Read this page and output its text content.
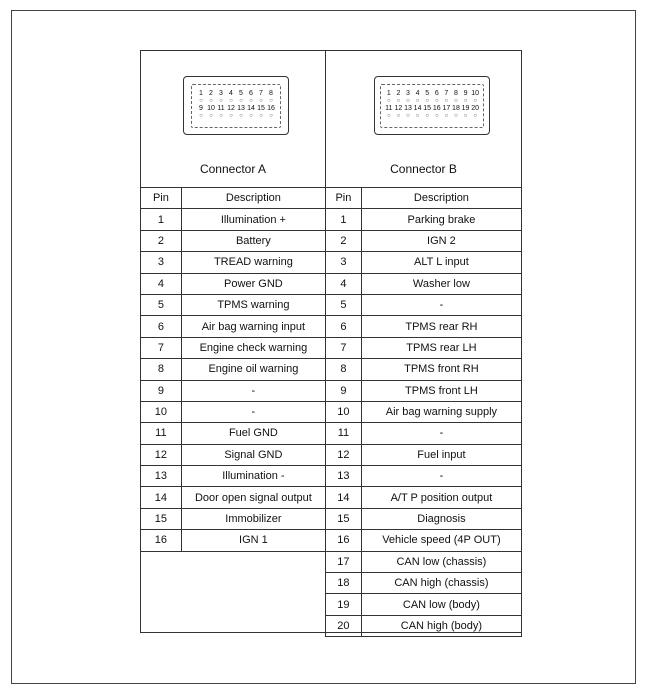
1 2 3 4 5 6 7 8
○ ○ ○ ○ ○ ○ ○ ○
9 10 11 12 13 14 15 16
○ ○ ○ ○ ○ ○ ○ ○
Connector A
1 2 3 4 5 6 7 8 9 10
○ ○ ○ ○ ○ ○ ○ ○ ○ ○
11 12 13 14 15 16 17 18 19 20
○ ○ ○ ○ ○ ○ ○ ○ ○ ○
Connector B
Pin	Description
1	Illumination +
2	Battery
3	TREAD warning
4	Power GND
5	TPMS warning
6	Air bag warning input
7	Engine check warning
8	Engine oil warning
9	-
10	-
11	Fuel GND
12	Signal GND
13	Illumination -
14	Door open signal output
15	Immobilizer
16	IGN 1
Pin	Description
1	Parking brake
2	IGN 2
3	ALT L input
4	Washer low
5	-
6	TPMS rear RH
7	TPMS rear LH
8	TPMS front RH
9	TPMS front LH
10	Air bag warning supply
11	-
12	Fuel input
13	-
14	A/T P position output
15	Diagnosis
16	Vehicle speed (4P OUT)
17	CAN low (chassis)
18	CAN high (chassis)
19	CAN low (body)
20	CAN high (body)
